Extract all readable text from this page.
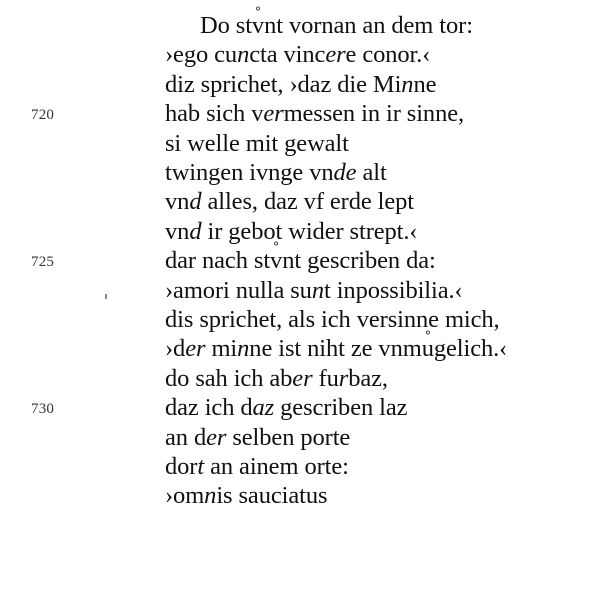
Do stv ˚nt vornan an dem tor:
›ego cuncta vincere conor.‹
diz sprichet, ›daz die Minne
720	hab sich vermessen in ir sinne,
si welle mit gewalt
twingen ivnge vnde alt
vnd alles, daz vf erde lept
vnd ir gebot wider strept.‹
725	dar nach stv ˚nt gescriben da:
›amori nulla sunt inpossibilia.‹
dis sprichet, als ich versinne mich,
›der minne ist niht ze vnmu ˚gelich.‹
do sah ich aber furbaz,
730	daz ich daz gescriben laz
an der selben porte
dort an ainem orte:
›omnis sauciatus
